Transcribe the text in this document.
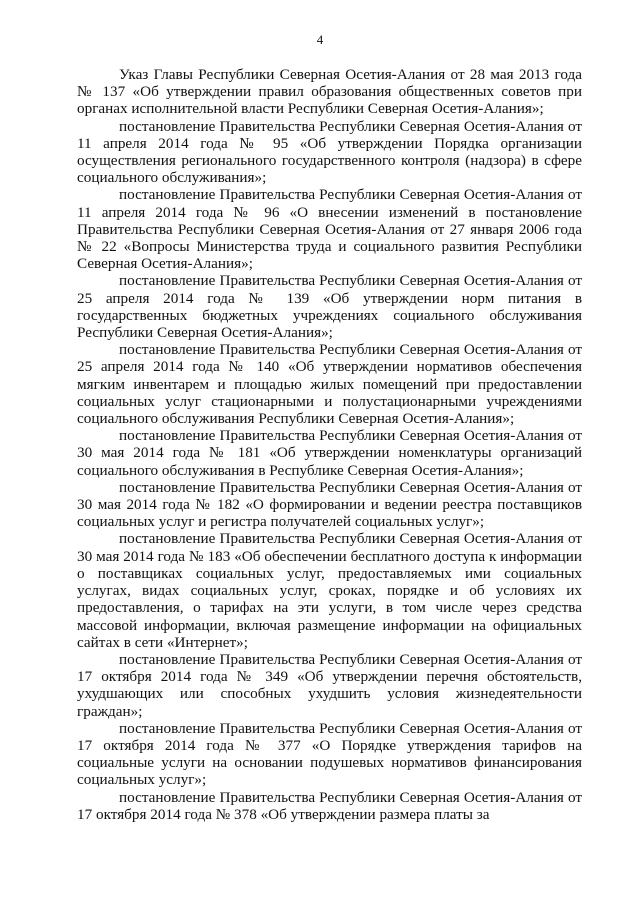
4

Указ Главы Республики Северная Осетия-Алания от 28 мая 2013 года № 137 «Об утверждении правил образования общественных советов при органах исполнительной власти Республики Северная Осетия-Алания»;

постановление Правительства Республики Северная Осетия-Алания от 11 апреля 2014 года № 95 «Об утверждении Порядка организации осуществления регионального государственного контроля (надзора) в сфере социального обслуживания»;

постановление Правительства Республики Северная Осетия-Алания от 11 апреля 2014 года № 96 «О внесении изменений в постановление Правительства Республики Северная Осетия-Алания от 27 января 2006 года № 22 «Вопросы Министерства труда и социального развития Республики Северная Осетия-Алания»;

постановление Правительства Республики Северная Осетия-Алания от 25 апреля 2014 года № 139 «Об утверждении норм питания в государственных бюджетных учреждениях социального обслуживания Республики Северная Осетия-Алания»;

постановление Правительства Республики Северная Осетия-Алания от 25 апреля 2014 года № 140 «Об утверждении нормативов обеспечения мягким инвентарем и площадью жилых помещений при предоставлении социальных услуг стационарными и полустационарными учреждениями социального обслуживания Республики Северная Осетия-Алания»;

постановление Правительства Республики Северная Осетия-Алания от 30 мая 2014 года № 181 «Об утверждении номенклатуры организаций социального обслуживания в Республике Северная Осетия-Алания»;

постановление Правительства Республики Северная Осетия-Алания от 30 мая 2014 года № 182 «О формировании и ведении реестра поставщиков социальных услуг и регистра получателей социальных услуг»;

постановление Правительства Республики Северная Осетия-Алания от 30 мая 2014 года № 183 «Об обеспечении бесплатного доступа к информации о поставщиках социальных услуг, предоставляемых ими социальных услугах, видах социальных услуг, сроках, порядке и об условиях их предоставления, о тарифах на эти услуги, в том числе через средства массовой информации, включая размещение информации на официальных сайтах в сети «Интернет»;

постановление Правительства Республики Северная Осетия-Алания от 17 октября 2014 года № 349 «Об утверждении перечня обстоятельств, ухудшающих или способных ухудшить условия жизнедеятельности граждан»;

постановление Правительства Республики Северная Осетия-Алания от 17 октября 2014 года № 377 «О Порядке утверждения тарифов на социальные услуги на основании подушевых нормативов финансирования социальных услуг»;

постановление Правительства Республики Северная Осетия-Алания от 17 октября 2014 года № 378 «Об утверждении размера платы за
